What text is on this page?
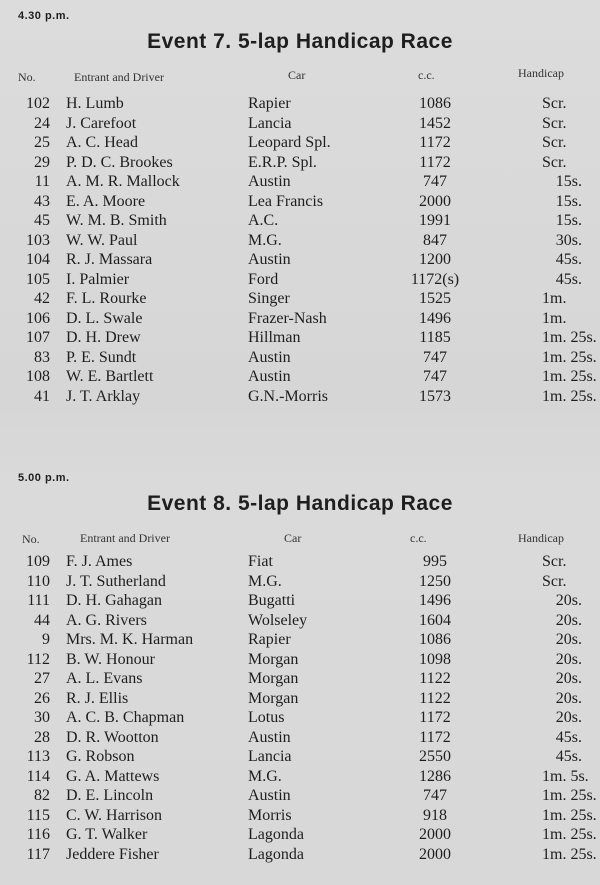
4.30 p.m.
Event 7. 5-lap Handicap Race
No.	Entrant and Driver	Car	c.c.	Handicap
102	H. Lumb	Rapier	1086	Scr.
24	J. Carefoot	Lancia	1452	Scr.
25	A. C. Head	Leopard Spl.	1172	Scr.
29	P. D. C. Brookes	E.R.P. Spl.	1172	Scr.
11	A. M. R. Mallock	Austin	747	15s.
43	E. A. Moore	Lea Francis	2000	15s.
45	W. M. B. Smith	A.C.	1991	15s.
103	W. W. Paul	M.G.	847	30s.
104	R. J. Massara	Austin	1200	45s.
105	I. Palmier	Ford	1172(s)	45s.
42	F. L. Rourke	Singer	1525	1m.
106	D. L. Swale	Frazer-Nash	1496	1m.
107	D. H. Drew	Hillman	1185	1m. 25s.
83	P. E. Sundt	Austin	747	1m. 25s.
108	W. E. Bartlett	Austin	747	1m. 25s.
41	J. T. Arklay	G.N.-Morris	1573	1m. 25s.
5.00 p.m.
Event 8. 5-lap Handicap Race
No.	Entrant and Driver	Car	c.c.	Handicap
109	F. J. Ames	Fiat	995	Scr.
110	J. T. Sutherland	M.G.	1250	Scr.
111	D. H. Gahagan	Bugatti	1496	20s.
44	A. G. Rivers	Wolseley	1604	20s.
9	Mrs. M. K. Harman	Rapier	1086	20s.
112	B. W. Honour	Morgan	1098	20s.
27	A. L. Evans	Morgan	1122	20s.
26	R. J. Ellis	Morgan	1122	20s.
30	A. C. B. Chapman	Lotus	1172	20s.
28	D. R. Wootton	Austin	1172	45s.
113	G. Robson	Lancia	2550	45s.
114	G. A. Mattews	M.G.	1286	1m. 5s.
82	D. E. Lincoln	Austin	747	1m. 25s.
115	C. W. Harrison	Morris	918	1m. 25s.
116	G. T. Walker	Lagonda	2000	1m. 25s.
117	Jeddere Fisher	Lagonda	2000	1m. 25s.
